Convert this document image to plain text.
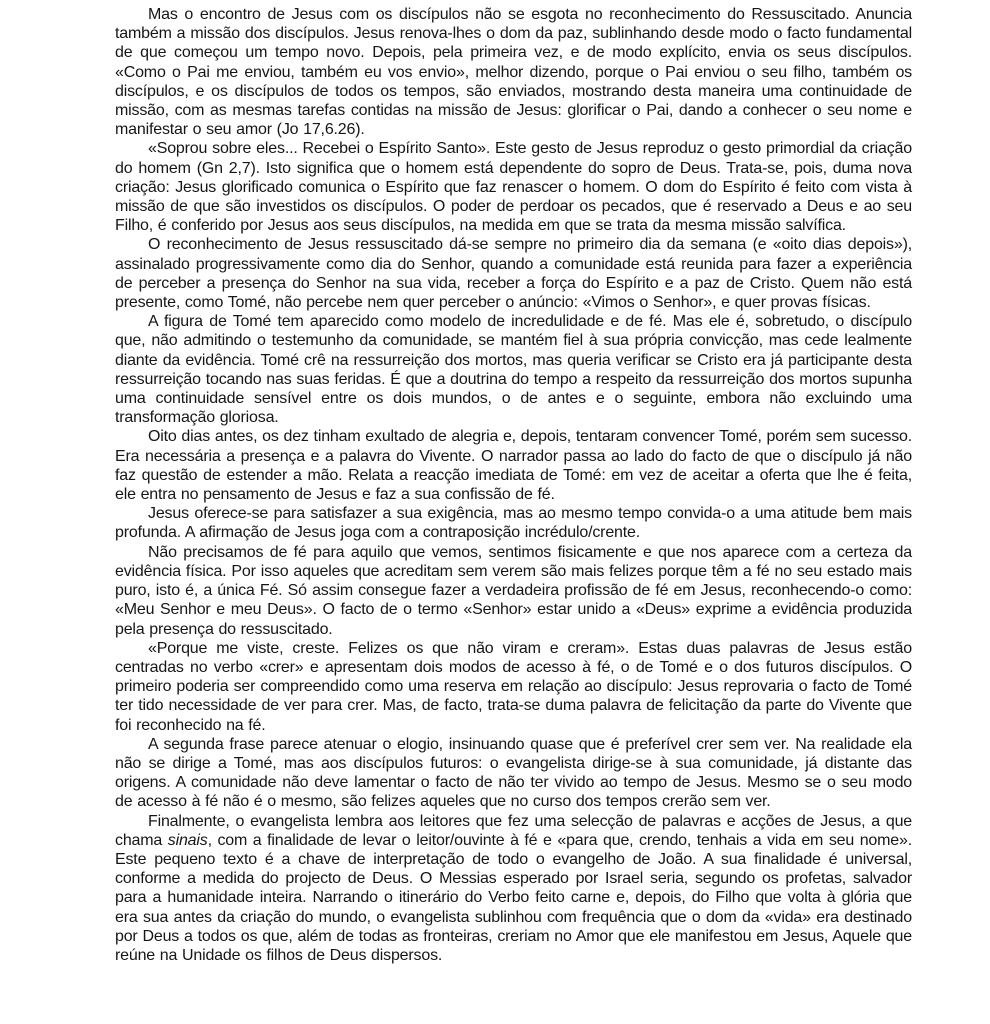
Mas o encontro de Jesus com os discípulos não se esgota no reconhecimento do Ressuscitado. Anuncia também a missão dos discípulos. Jesus renova-lhes o dom da paz, sublinhando desde modo o facto fundamental de que começou um tempo novo. Depois, pela primeira vez, e de modo explícito, envia os seus discípulos. «Como o Pai me enviou, também eu vos envio», melhor dizendo, porque o Pai enviou o seu filho, também os discípulos, e os discípulos de todos os tempos, são enviados, mostrando desta maneira uma continuidade de missão, com as mesmas tarefas contidas na missão de Jesus: glorificar o Pai, dando a conhecer o seu nome e manifestar o seu amor (Jo 17,6.26).

«Soprou sobre eles... Recebei o Espírito Santo». Este gesto de Jesus reproduz o gesto primordial da criação do homem (Gn 2,7). Isto significa que o homem está dependente do sopro de Deus. Trata-se, pois, duma nova criação: Jesus glorificado comunica o Espírito que faz renascer o homem. O dom do Espírito é feito com vista à missão de que são investidos os discípulos. O poder de perdoar os pecados, que é reservado a Deus e ao seu Filho, é conferido por Jesus aos seus discípulos, na medida em que se trata da mesma missão salvífica.

O reconhecimento de Jesus ressuscitado dá-se sempre no primeiro dia da semana (e «oito dias depois»), assinalado progressivamente como dia do Senhor, quando a comunidade está reunida para fazer a experiência de perceber a presença do Senhor na sua vida, receber a força do Espírito e a paz de Cristo. Quem não está presente, como Tomé, não percebe nem quer perceber o anúncio: «Vimos o Senhor», e quer provas físicas.

A figura de Tomé tem aparecido como modelo de incredulidade e de fé. Mas ele é, sobretudo, o discípulo que, não admitindo o testemunho da comunidade, se mantém fiel à sua própria convicção, mas cede lealmente diante da evidência. Tomé crê na ressurreição dos mortos, mas queria verificar se Cristo era já participante desta ressurreição tocando nas suas feridas. É que a doutrina do tempo a respeito da ressurreição dos mortos supunha uma continuidade sensível entre os dois mundos, o de antes e o seguinte, embora não excluindo uma transformação gloriosa.

Oito dias antes, os dez tinham exultado de alegria e, depois, tentaram convencer Tomé, porém sem sucesso. Era necessária a presença e a palavra do Vivente. O narrador passa ao lado do facto de que o discípulo já não faz questão de estender a mão. Relata a reacção imediata de Tomé: em vez de aceitar a oferta que lhe é feita, ele entra no pensamento de Jesus e faz a sua confissão de fé.

Jesus oferece-se para satisfazer a sua exigência, mas ao mesmo tempo convida-o a uma atitude bem mais profunda. A afirmação de Jesus joga com a contraposição incrédulo/crente.

Não precisamos de fé para aquilo que vemos, sentimos fisicamente e que nos aparece com a certeza da evidência física. Por isso aqueles que acreditam sem verem são mais felizes porque têm a fé no seu estado mais puro, isto é, a única Fé. Só assim consegue fazer a verdadeira profissão de fé em Jesus, reconhecendo-o como: «Meu Senhor e meu Deus». O facto de o termo «Senhor» estar unido a «Deus» exprime a evidência produzida pela presença do ressuscitado.

«Porque me viste, creste. Felizes os que não viram e creram». Estas duas palavras de Jesus estão centradas no verbo «crer» e apresentam dois modos de acesso à fé, o de Tomé e o dos futuros discípulos. O primeiro poderia ser compreendido como uma reserva em relação ao discípulo: Jesus reprovaria o facto de Tomé ter tido necessidade de ver para crer. Mas, de facto, trata-se duma palavra de felicitação da parte do Vivente que foi reconhecido na fé.

A segunda frase parece atenuar o elogio, insinuando quase que é preferível crer sem ver. Na realidade ela não se dirige a Tomé, mas aos discípulos futuros: o evangelista dirige-se à sua comunidade, já distante das origens. A comunidade não deve lamentar o facto de não ter vivido ao tempo de Jesus. Mesmo se o seu modo de acesso à fé não é o mesmo, são felizes aqueles que no curso dos tempos crerão sem ver.

Finalmente, o evangelista lembra aos leitores que fez uma selecção de palavras e acções de Jesus, a que chama sinais, com a finalidade de levar o leitor/ouvinte à fé e «para que, crendo, tenhais a vida em seu nome». Este pequeno texto é a chave de interpretação de todo o evangelho de João. A sua finalidade é universal, conforme a medida do projecto de Deus. O Messias esperado por Israel seria, segundo os profetas, salvador para a humanidade inteira. Narrando o itinerário do Verbo feito carne e, depois, do Filho que volta à glória que era sua antes da criação do mundo, o evangelista sublinhou com frequência que o dom da «vida» era destinado por Deus a todos os que, além de todas as fronteiras, creriam no Amor que ele manifestou em Jesus, Aquele que reúne na Unidade os filhos de Deus dispersos.
